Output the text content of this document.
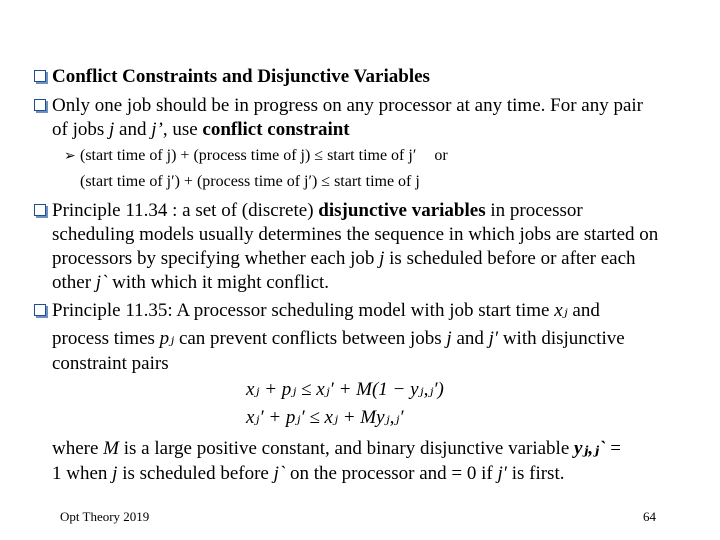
Conflict Constraints and Disjunctive Variables
Only one job should be in progress on any processor at any time. For any pair
of jobs j and j’, use conflict constraint
➢ (start time of j) + (process time of j) ≤ start time of j′ or
(start time of j′) + (process time of j′) ≤ start time of j
Principle 11.34 : a set of (discrete) disjunctive variables in processor
scheduling models usually determines the sequence in which jobs are started on
processors by specifying whether each job j is scheduled before or after each
other j` with which it might conflict.
Principle 11.35: A processor scheduling model with job start time xⱼ and
process times pⱼ can prevent conflicts between jobs j and j′ with disjunctive
constraint pairs
xⱼ + pⱼ ≤ xⱼ′ + M(1 − yⱼ,ⱼ′)
xⱼ′ + pⱼ′ ≤ xⱼ + Myⱼ,ⱼ′
where M is a large positive constant, and binary disjunctive variable yⱼ,ⱼ` =
1 when j is scheduled before j` on the processor and = 0 if j′ is first.
Opt Theory 2019	64
